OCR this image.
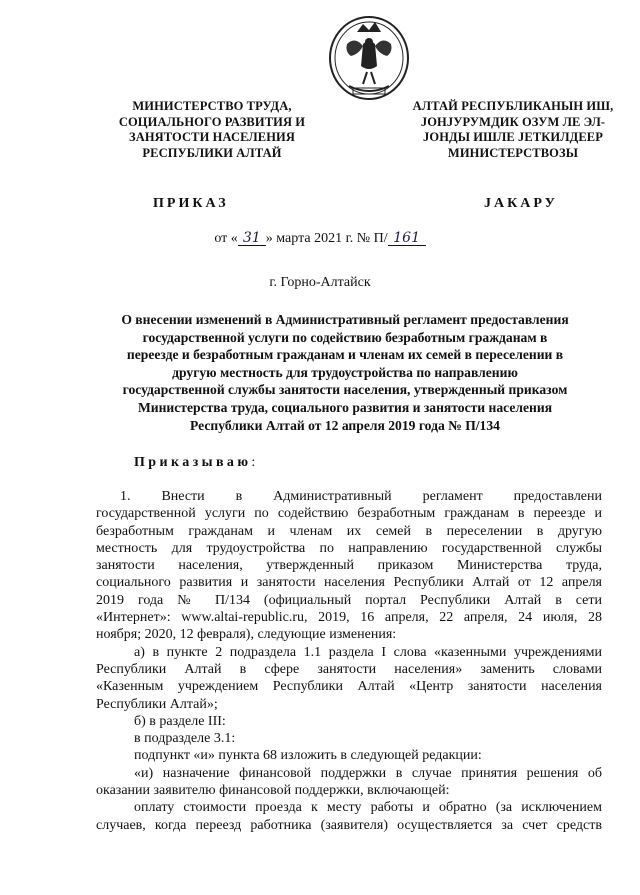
МИНИСТЕРСТВО ТРУДА,
СОЦИАЛЬНОГО РАЗВИТИЯ И
ЗАНЯТОСТИ НАСЕЛЕНИЯ
РЕСПУБЛИКИ АЛТАЙ
АЛТАЙ РЕСПУБЛИКАНЫН ИШ,
ЈОНЈУРУМДИК ОЗУМ ЛЕ ЭЛ-
ЈОНДЫ ИШЛЕ ЈЕТКИЛДЕЕР
МИНИСТЕРСТВОЗЫ
ПРИКАЗ	ЈАКАРУ
от « 31 » марта 2021 г. № П/ 161
г. Горно-Алтайск
О внесении изменений в Административный регламент предоставления
государственной услуги по содействию безработным гражданам в
переезде и безработным гражданам и членам их семей в переселении в
другую местность для трудоустройства по направлению
государственной службы занятости населения, утвержденный приказом
Министерства труда, социального развития и занятости населения
Республики Алтай от 12 апреля 2019 года № П/134
Приказываю:
1. Внести в Административный регламент предоставлени
государственной услуги по содействию безработным гражданам в переезде и
безработным гражданам и членам их семей в переселении в другую
местность для трудоустройства по направлению государственной службы
занятости населения, утвержденный приказом Министерства труда,
социального развития и занятости населения Республики Алтай от 12 апреля
2019 года № П/134 (официальный портал Республики Алтай в сети
«Интернет»: www.altai-republic.ru, 2019, 16 апреля, 22 апреля, 24 июля, 28
ноября; 2020, 12 февраля), следующие изменения:
а) в пункте 2 подраздела 1.1 раздела I слова «казенными учреждениями
Республики Алтай в сфере занятости населения» заменить словами
«Казенным учреждением Республики Алтай «Центр занятости населения
Республики Алтай»;
б) в разделе III:
в подразделе 3.1:
подпункт «и» пункта 68 изложить в следующей редакции:
«и) назначение финансовой поддержки в случае принятия решения об
оказании заявителю финансовой поддержки, включающей:
оплату стоимости проезда к месту работы и обратно (за исключением
случаев, когда переезд работника (заявителя) осуществляется за счет средств
